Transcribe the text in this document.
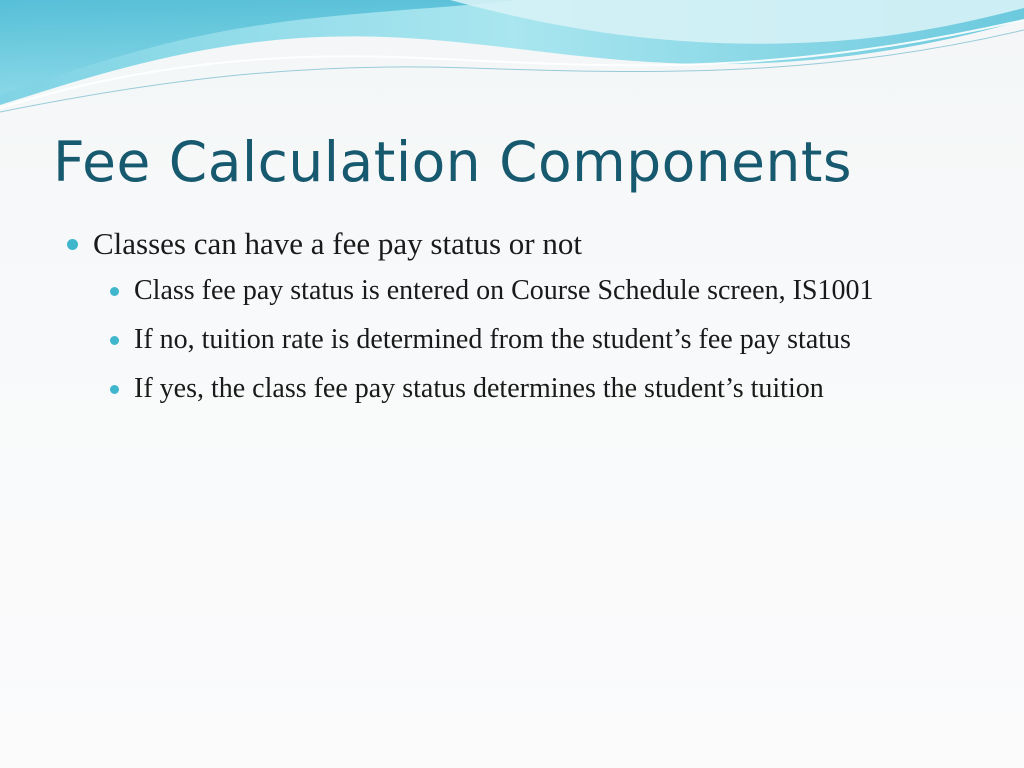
Fee Calculation Components
Classes can have a fee pay status or not
Class fee pay status is entered on Course Schedule screen, IS1001
If no, tuition rate is determined from the student’s fee pay status
If yes, the class fee pay status determines the student’s tuition
